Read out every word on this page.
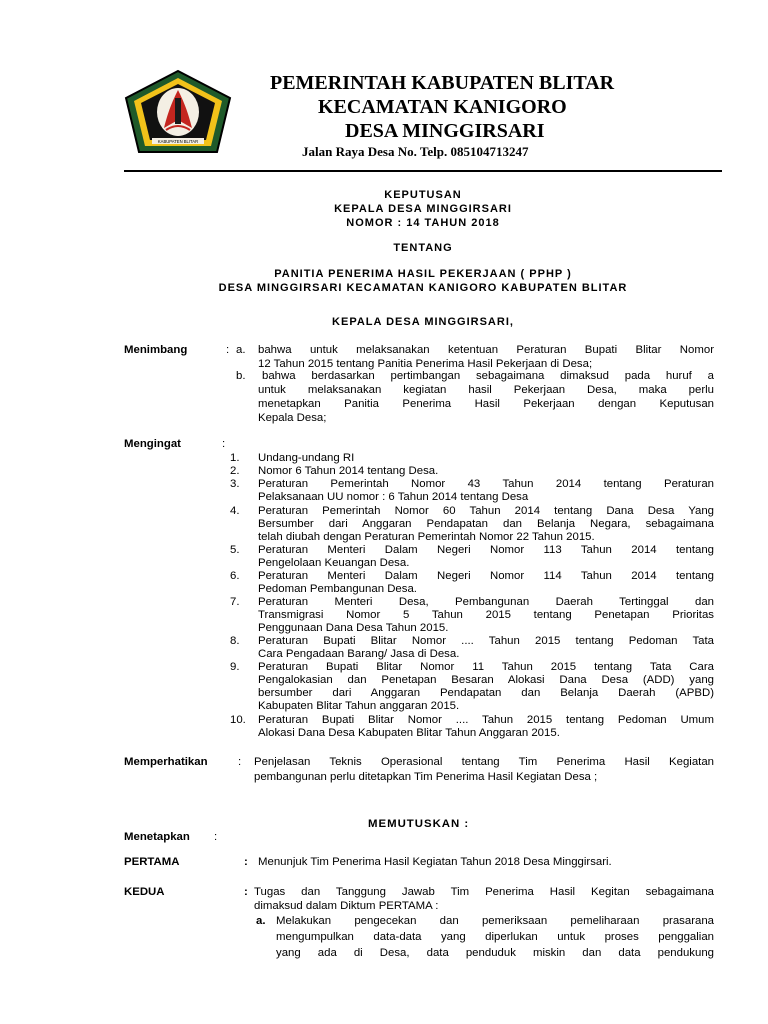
KABUPATEN BLITAR
PEMERINTAH KABUPATEN BLITAR
KECAMATAN KANIGORO
DESA MINGGIRSARI
Jalan Raya Desa No. Telp. 085104713247
KEPUTUSAN
KEPALA DESA MINGGIRSARI
NOMOR : 14 TAHUN 2018
TENTANG
PANITIA PENERIMA HASIL PEKERJAAN ( PPHP )
DESA MINGGIRSARI KECAMATAN KANIGORO KABUPATEN BLITAR
KEPALA DESA MINGGIRSARI,
Menimbang	: a. bahwa untuk melaksanakan ketentuan Peraturan Bupati Blitar Nomor
12 Tahun 2015 tentang Panitia Penerima Hasil Pekerjaan di Desa;
b. bahwa berdasarkan pertimbangan sebagaimana dimaksud pada huruf a
untuk melaksanakan kegiatan hasil Pekerjaan Desa, maka perlu
menetapkan Panitia Penerima Hasil Pekerjaan dengan Keputusan
Kepala Desa;
Mengingat	:
1. Undang-undang RI
2. Nomor 6 Tahun 2014 tentang Desa.
3. Peraturan Pemerintah Nomor 43 Tahun 2014 tentang Peraturan
Pelaksanaan UU nomor : 6 Tahun 2014 tentang Desa
4. Peraturan Pemerintah Nomor 60 Tahun 2014 tentang Dana Desa Yang
Bersumber dari Anggaran Pendapatan dan Belanja Negara, sebagaimana
telah diubah dengan Peraturan Pemerintah Nomor 22 Tahun 2015.
5. Peraturan Menteri Dalam Negeri Nomor 113 Tahun 2014 tentang
Pengelolaan Keuangan Desa.
6. Peraturan Menteri Dalam Negeri Nomor 114 Tahun 2014 tentang
Pedoman Pembangunan Desa.
7. Peraturan Menteri Desa, Pembangunan Daerah Tertinggal dan
Transmigrasi Nomor 5 Tahun 2015 tentang Penetapan Prioritas
Penggunaan Dana Desa Tahun 2015.
8. Peraturan Bupati Blitar Nomor .... Tahun 2015 tentang Pedoman Tata
Cara Pengadaan Barang/ Jasa di Desa.
9. Peraturan Bupati Blitar Nomor 11 Tahun 2015 tentang Tata Cara
Pengalokasian dan Penetapan Besaran Alokasi Dana Desa (ADD) yang
bersumber dari Anggaran Pendapatan dan Belanja Daerah (APBD)
Kabupaten Blitar Tahun anggaran 2015.
10. Peraturan Bupati Blitar Nomor .... Tahun 2015 tentang Pedoman Umum
Alokasi Dana Desa Kabupaten Blitar Tahun Anggaran 2015.
Memperhatikan	: Penjelasan Teknis Operasional tentang Tim Penerima Hasil Kegiatan
pembangunan perlu ditetapkan Tim Penerima Hasil Kegiatan Desa ;
MEMUTUSKAN :
Menetapkan :
PERTAMA	: Menunjuk Tim Penerima Hasil Kegiatan Tahun 2018 Desa Minggirsari.
KEDUA	: Tugas dan Tanggung Jawab Tim Penerima Hasil Kegitan sebagaimana
dimaksud dalam Diktum PERTAMA :
a. Melakukan pengecekan dan pemeriksaan pemeliharaan prasarana
mengumpulkan data-data yang diperlukan untuk proses penggalian
yang ada di Desa, data penduduk miskin dan data pendukung
